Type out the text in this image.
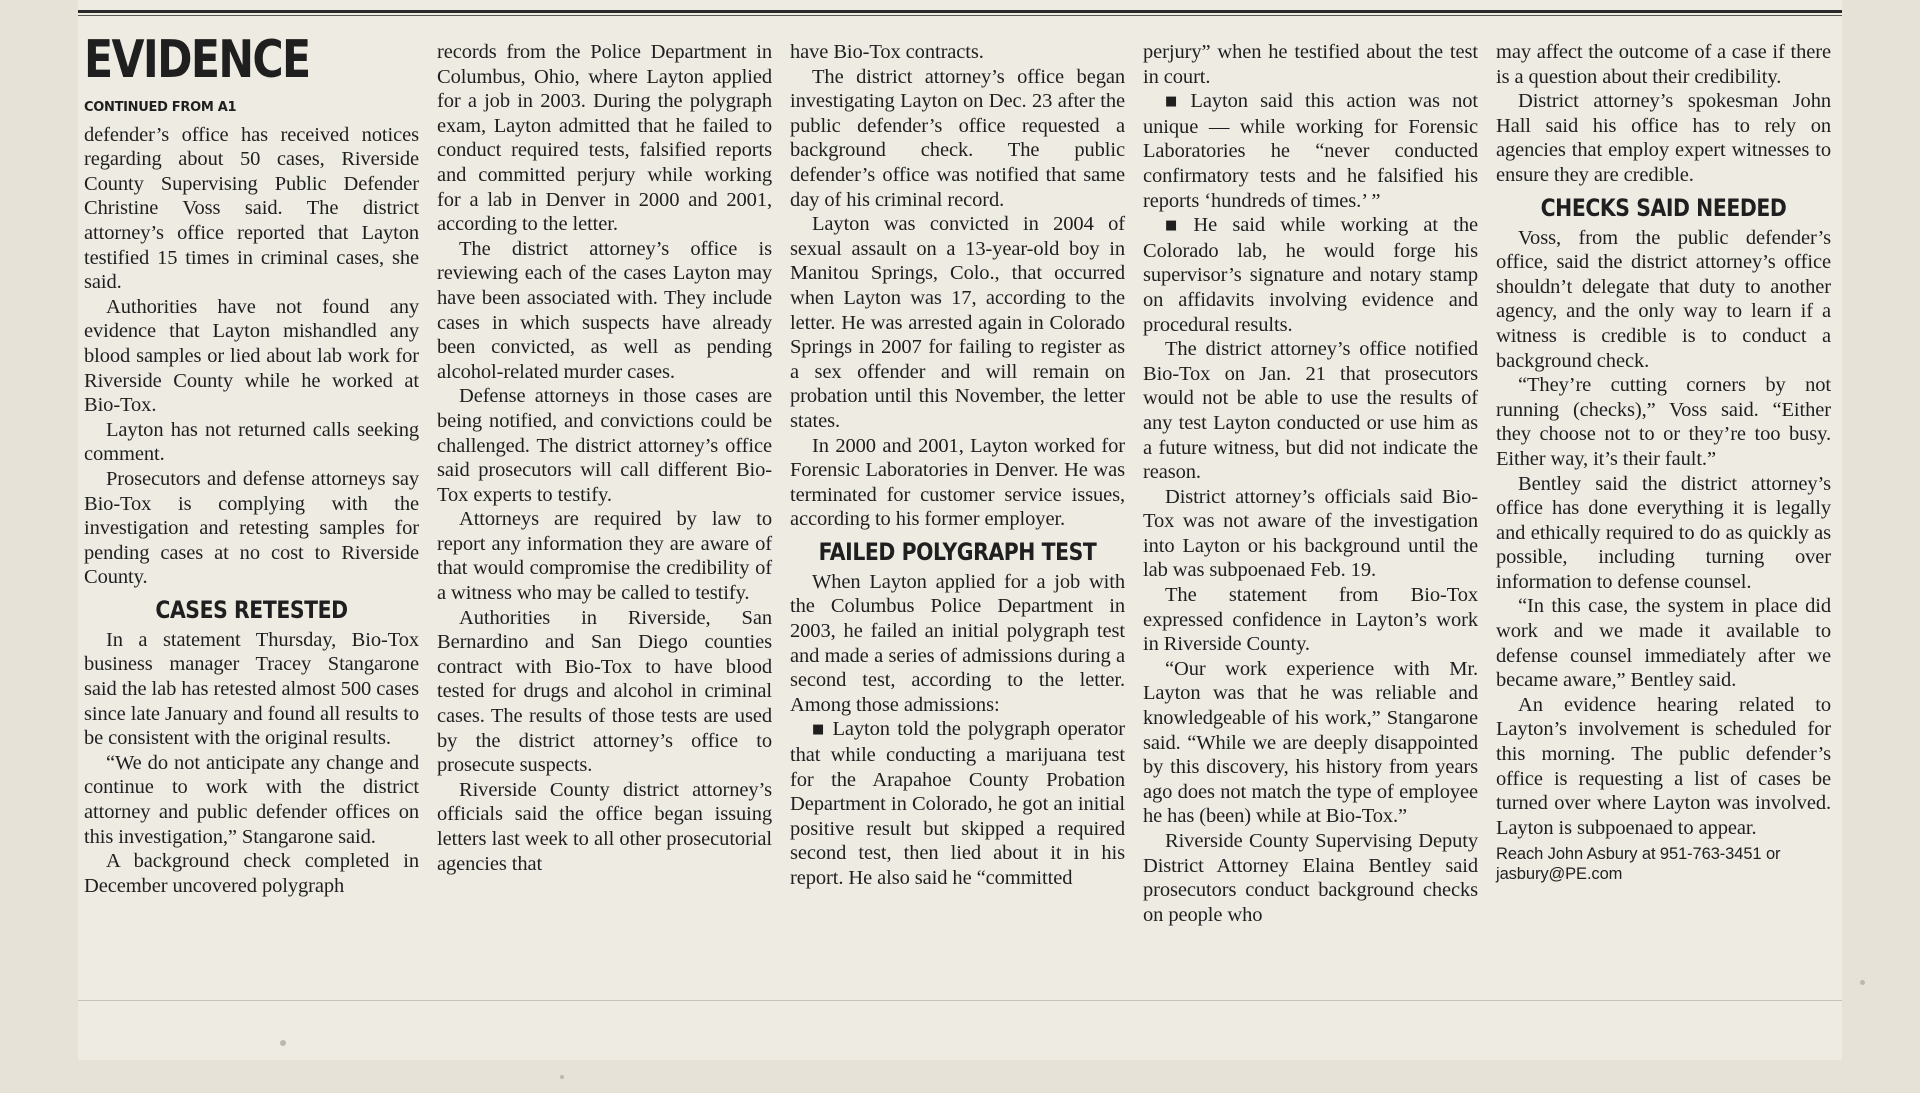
EVIDENCE
CONTINUED FROM A1

defender’s office has received notices regarding about 50 cases, Riverside County Supervising Public Defender Christine Voss said. The district attorney’s office reported that Layton testified 15 times in criminal cases, she said.

Authorities have not found any evidence that Layton mishandled any blood samples or lied about lab work for Riverside County while he worked at Bio-Tox.

Layton has not returned calls seeking comment.

Prosecutors and defense attorneys say Bio-Tox is complying with the investigation and retesting samples for pending cases at no cost to Riverside County.

CASES RETESTED

In a statement Thursday, Bio-Tox business manager Tracey Stangarone said the lab has retested almost 500 cases since late January and found all results to be consistent with the original results.

“We do not anticipate any change and continue to work with the district attorney and public defender offices on this investigation,” Stangarone said.

A background check completed in December uncovered polygraph

records from the Police Department in Columbus, Ohio, where Layton applied for a job in 2003. During the polygraph exam, Layton admitted that he failed to conduct required tests, falsified reports and committed perjury while working for a lab in Denver in 2000 and 2001, according to the letter.

The district attorney’s office is reviewing each of the cases Layton may have been associated with. They include cases in which suspects have already been convicted, as well as pending alcohol-related murder cases.

Defense attorneys in those cases are being notified, and convictions could be challenged. The district attorney’s office said prosecutors will call different Bio-Tox experts to testify.

Attorneys are required by law to report any information they are aware of that would compromise the credibility of a witness who may be called to testify.

Authorities in Riverside, San Bernardino and San Diego counties contract with Bio-Tox to have blood tested for drugs and alcohol in criminal cases. The results of those tests are used by the district attorney’s office to prosecute suspects.

Riverside County district attorney’s officials said the office began issuing letters last week to all other prosecutorial agencies that

have Bio-Tox contracts.

The district attorney’s office began investigating Layton on Dec. 23 after the public defender’s office requested a background check. The public defender’s office was notified that same day of his criminal record.

Layton was convicted in 2004 of sexual assault on a 13-year-old boy in Manitou Springs, Colo., that occurred when Layton was 17, according to the letter. He was arrested again in Colorado Springs in 2007 for failing to register as a sex offender and will remain on probation until this November, the letter states.

In 2000 and 2001, Layton worked for Forensic Laboratories in Denver. He was terminated for customer service issues, according to his former employer.

FAILED POLYGRAPH TEST

When Layton applied for a job with the Columbus Police Department in 2003, he failed an initial polygraph test and made a series of admissions during a second test, according to the letter. Among those admissions:

■ Layton told the polygraph operator that while conducting a marijuana test for the Arapahoe County Probation Department in Colorado, he got an initial positive result but skipped a required second test, then lied about it in his report. He also said he “committed

perjury” when he testified about the test in court.

■ Layton said this action was not unique — while working for Forensic Laboratories he “never conducted confirmatory tests and he falsified his reports ‘hundreds of times.’ ”

■ He said while working at the Colorado lab, he would forge his supervisor’s signature and notary stamp on affidavits involving evidence and procedural results.

The district attorney’s office notified Bio-Tox on Jan. 21 that prosecutors would not be able to use the results of any test Layton conducted or use him as a future witness, but did not indicate the reason.

District attorney’s officials said Bio-Tox was not aware of the investigation into Layton or his background until the lab was subpoenaed Feb. 19.

The statement from Bio-Tox expressed confidence in Layton’s work in Riverside County.

“Our work experience with Mr. Layton was that he was reliable and knowledgeable of his work,” Stangarone said. “While we are deeply disappointed by this discovery, his history from years ago does not match the type of employee he has (been) while at Bio-Tox.”

Riverside County Supervising Deputy District Attorney Elaina Bentley said prosecutors conduct background checks on people who

may affect the outcome of a case if there is a question about their credibility.

District attorney’s spokesman John Hall said his office has to rely on agencies that employ expert witnesses to ensure they are credible.

CHECKS SAID NEEDED

Voss, from the public defender’s office, said the district attorney’s office shouldn’t delegate that duty to another agency, and the only way to learn if a witness is credible is to conduct a background check.

“They’re cutting corners by not running (checks),” Voss said. “Either they choose not to or they’re too busy. Either way, it’s their fault.”

Bentley said the district attorney’s office has done everything it is legally and ethically required to do as quickly as possible, including turning over information to defense counsel.

“In this case, the system in place did work and we made it available to defense counsel immediately after we became aware,” Bentley said.

An evidence hearing related to Layton’s involvement is scheduled for this morning. The public defender’s office is requesting a list of cases be turned over where Layton was involved. Layton is subpoenaed to appear.

Reach John Asbury at 951-763-3451 or jasbury@PE.com
